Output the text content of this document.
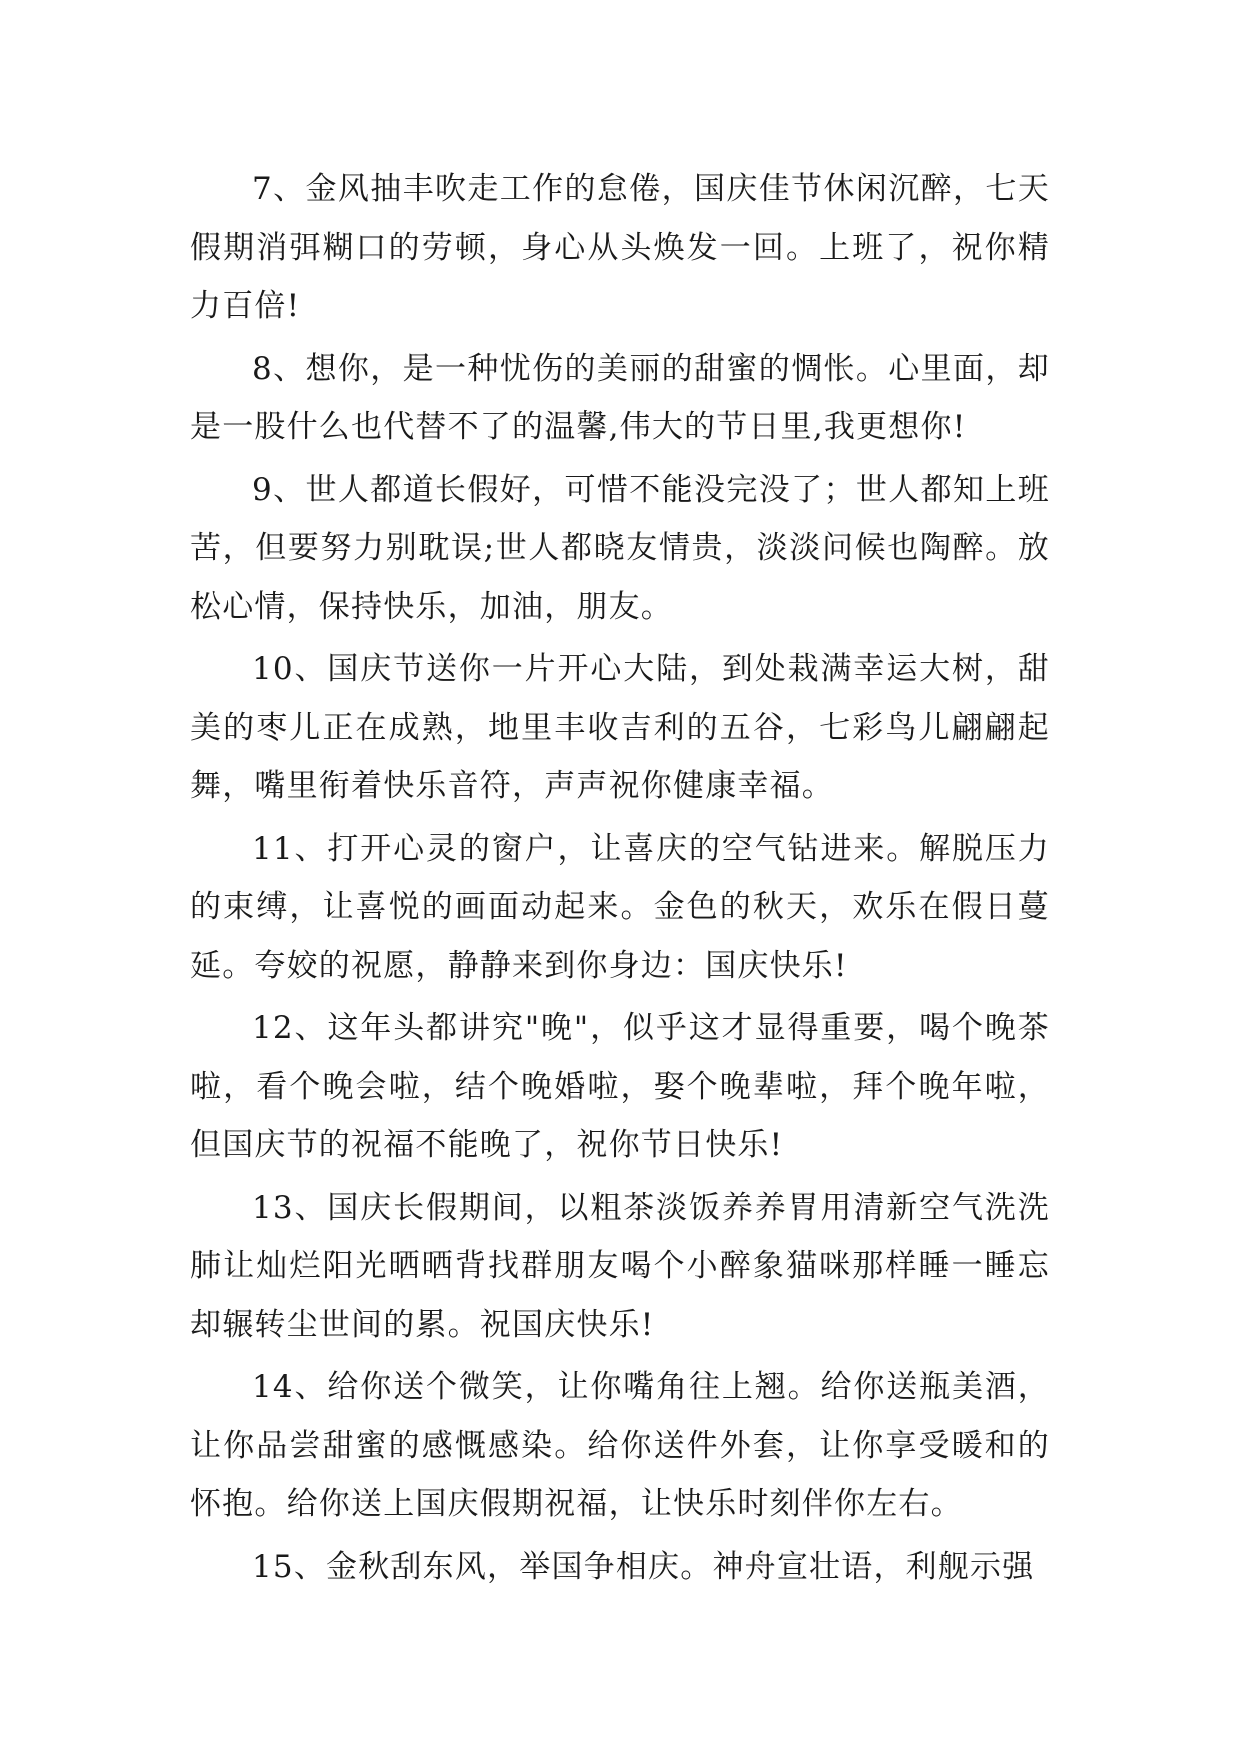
7、金风抽丰吹走工作的怠倦，国庆佳节休闲沉醉，七天假期消弭糊口的劳顿，身心从头焕发一回。上班了，祝你精力百倍!

8、想你，是一种忧伤的美丽的甜蜜的惆怅。心里面，却是一股什么也代替不了的温馨,伟大的节日里,我更想你!

9、世人都道长假好，可惜不能没完没了；世人都知上班苦，但要努力别耽误;世人都晓友情贵，淡淡问候也陶醉。放松心情，保持快乐，加油，朋友。

10、国庆节送你一片开心大陆，到处栽满幸运大树，甜美的枣儿正在成熟，地里丰收吉利的五谷，七彩鸟儿翩翩起舞，嘴里衔着快乐音符，声声祝你健康幸福。

11、打开心灵的窗户，让喜庆的空气钻进来。解脱压力的束缚，让喜悦的画面动起来。金色的秋天，欢乐在假日蔓延。夸姣的祝愿，静静来到你身边：国庆快乐!

12、这年头都讲究"晚"，似乎这才显得重要，喝个晚茶啦，看个晚会啦，结个晚婚啦，娶个晚辈啦，拜个晚年啦，但国庆节的祝福不能晚了，祝你节日快乐!

13、国庆长假期间，以粗茶淡饭养养胃用清新空气洗洗肺让灿烂阳光晒晒背找群朋友喝个小醉象猫咪那样睡一睡忘却辗转尘世间的累。祝国庆快乐!

14、给你送个微笑，让你嘴角往上翘。给你送瓶美酒，让你品尝甜蜜的感慨感染。给你送件外套，让你享受暖和的怀抱。给你送上国庆假期祝福，让快乐时刻伴你左右。

15、金秋刮东风，举国争相庆。神舟宣壮语，利舰示强
